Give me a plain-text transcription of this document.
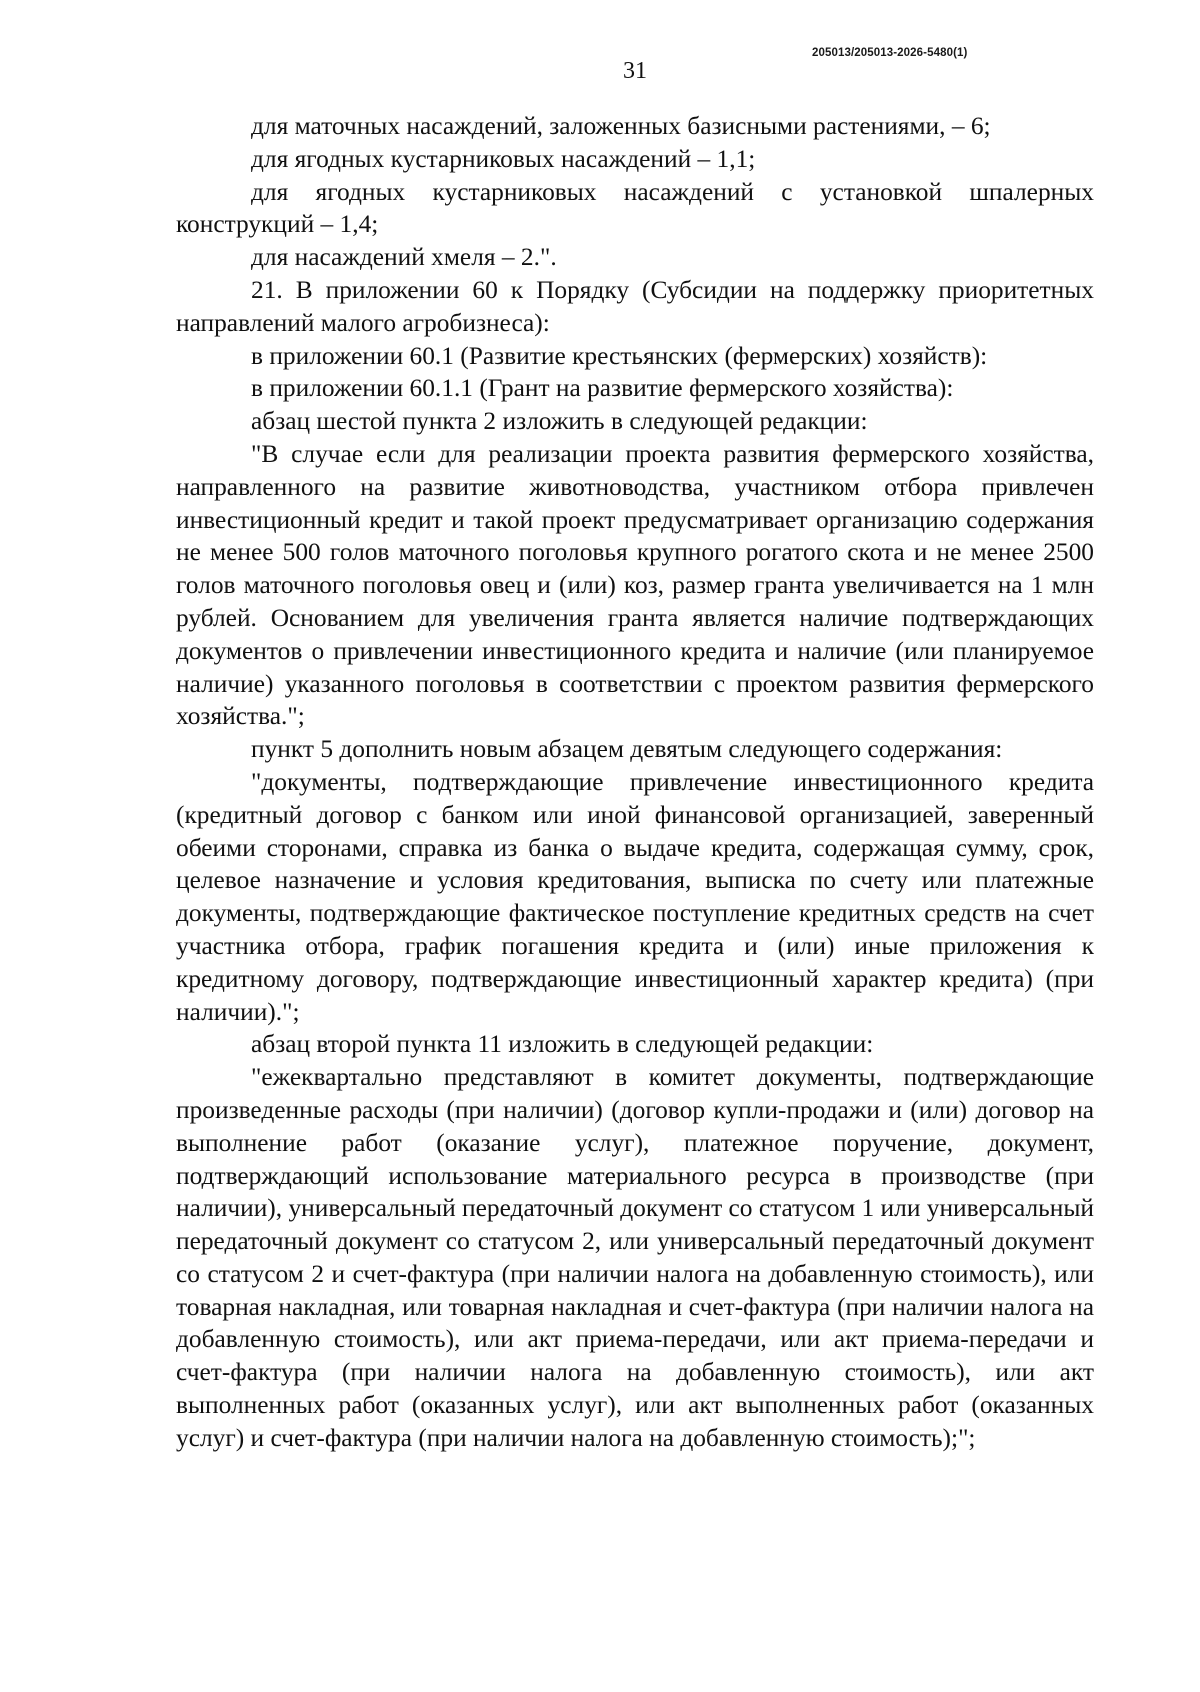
205013/205013-2026-5480(1)
31

для маточных насаждений, заложенных базисными растениями, – 6;

для ягодных кустарниковых насаждений – 1,1;

для ягодных кустарниковых насаждений с установкой шпалерных конструкций – 1,4;

для насаждений хмеля – 2.".

21. В приложении 60 к Порядку (Субсидии на поддержку приоритетных направлений малого агробизнеса):

в приложении 60.1 (Развитие крестьянских (фермерских) хозяйств):

в приложении 60.1.1 (Грант на развитие фермерского хозяйства):

абзац шестой пункта 2 изложить в следующей редакции:

"В случае если для реализации проекта развития фермерского хозяйства, направленного на развитие животноводства, участником отбора привлечен инвестиционный кредит и такой проект предусматривает организацию содержания не менее 500 голов маточного поголовья крупного рогатого скота и не менее 2500 голов маточного поголовья овец и (или) коз, размер гранта увеличивается на 1 млн рублей. Основанием для увеличения гранта является наличие подтверждающих документов о привлечении инвестиционного кредита и наличие (или планируемое наличие) указанного поголовья в соответствии с проектом развития фермерского хозяйства.";

пункт 5 дополнить новым абзацем девятым следующего содержания:

"документы, подтверждающие привлечение инвестиционного кредита (кредитный договор с банком или иной финансовой организацией, заверенный обеими сторонами, справка из банка о выдаче кредита, содержащая сумму, срок, целевое назначение и условия кредитования, выписка по счету или платежные документы, подтверждающие фактическое поступление кредитных средств на счет участника отбора, график погашения кредита и (или) иные приложения к кредитному договору, подтверждающие инвестиционный характер кредита) (при наличии).";

абзац второй пункта 11 изложить в следующей редакции:

"ежеквартально представляют в комитет документы, подтверждающие произведенные расходы (при наличии) (договор купли-продажи и (или) договор на выполнение работ (оказание услуг), платежное поручение, документ, подтверждающий использование материального ресурса в производстве (при наличии), универсальный передаточный документ со статусом 1 или универсальный передаточный документ со статусом 2, или универсальный передаточный документ со статусом 2 и счет-фактура (при наличии налога на добавленную стоимость), или товарная накладная, или товарная накладная и счет-фактура (при наличии налога на добавленную стоимость), или акт приема-передачи, или акт приема-передачи и счет-фактура (при наличии налога на добавленную стоимость), или акт выполненных работ (оказанных услуг), или акт выполненных работ (оказанных услуг) и счет-фактура (при наличии налога на добавленную стоимость);";
